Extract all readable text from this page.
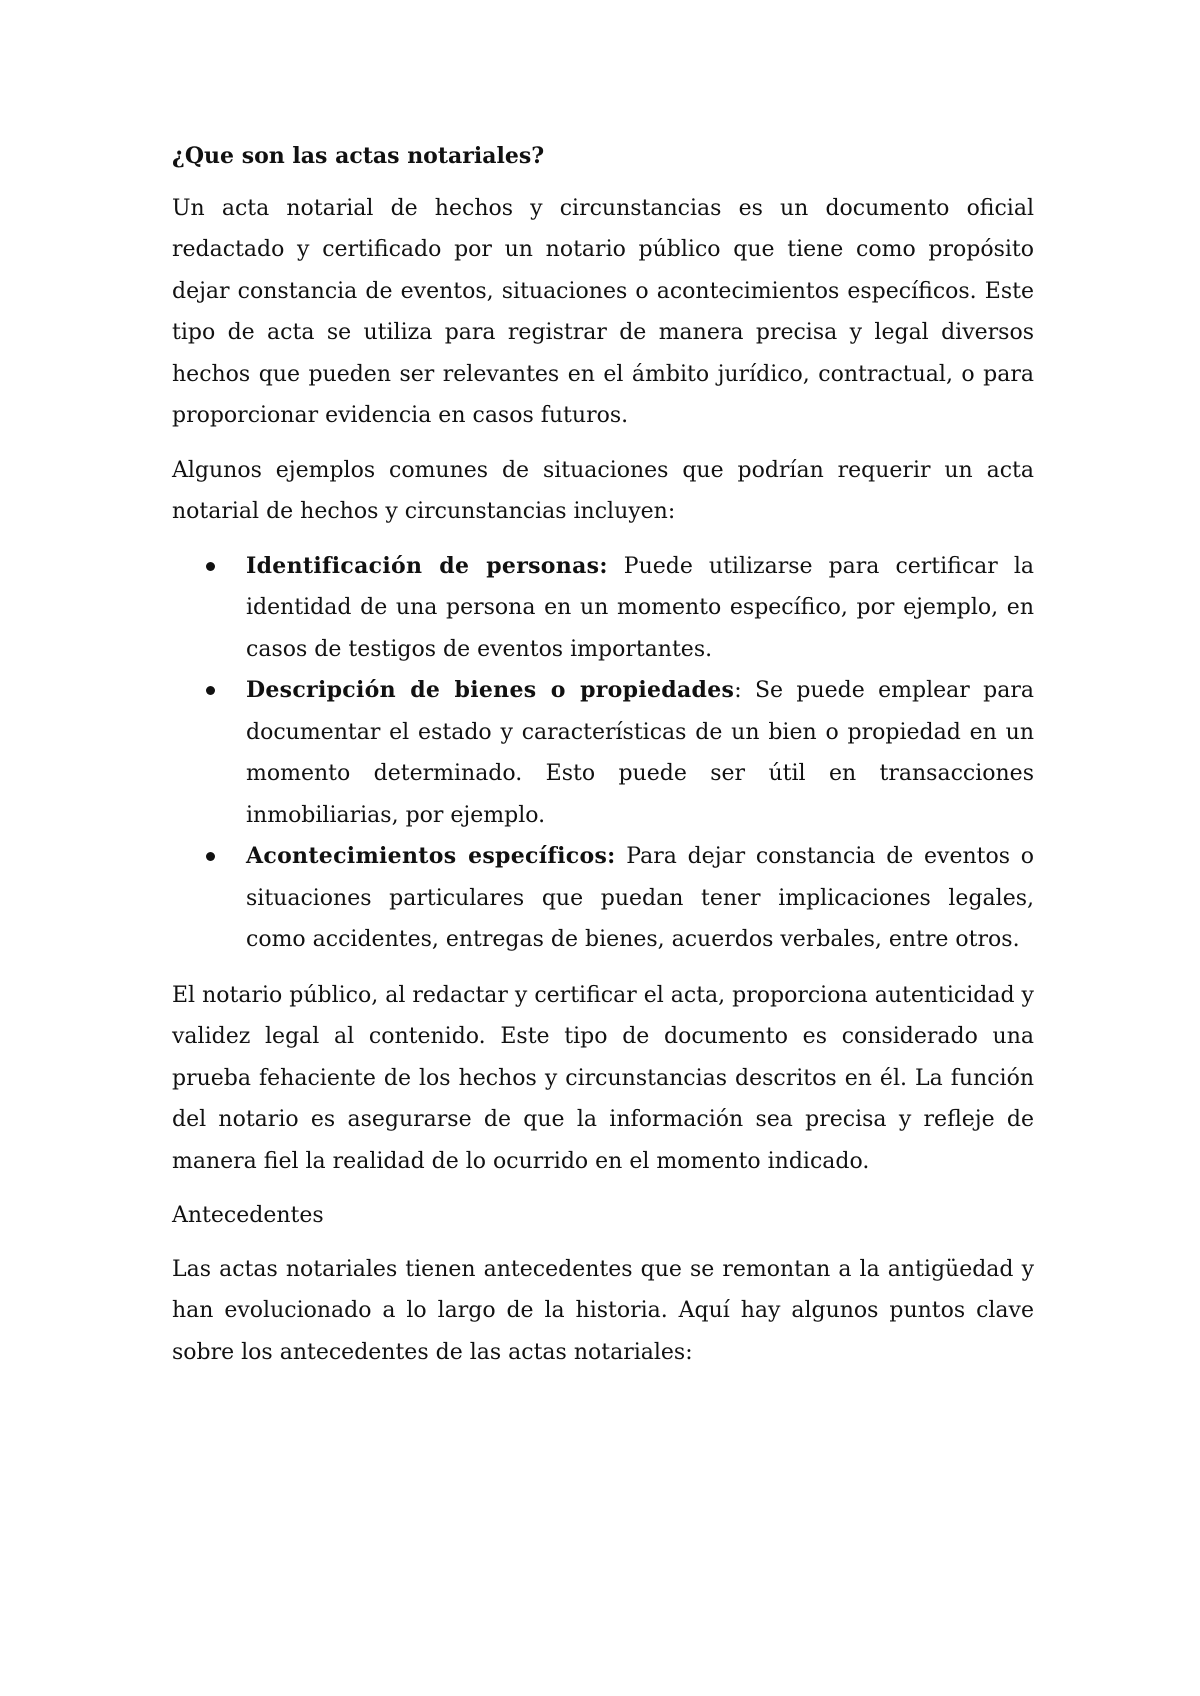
¿Que son las actas notariales?

Un acta notarial de hechos y circunstancias es un documento oficial redactado y certificado por un notario público que tiene como propósito dejar constancia de eventos, situaciones o acontecimientos específicos. Este tipo de acta se utiliza para registrar de manera precisa y legal diversos hechos que pueden ser relevantes en el ámbito jurídico, contractual, o para proporcionar evidencia en casos futuros.

Algunos ejemplos comunes de situaciones que podrían requerir un acta notarial de hechos y circunstancias incluyen:

Identificación de personas: Puede utilizarse para certificar la identidad de una persona en un momento específico, por ejemplo, en casos de testigos de eventos importantes.
Descripción de bienes o propiedades: Se puede emplear para documentar el estado y características de un bien o propiedad en un momento determinado. Esto puede ser útil en transacciones inmobiliarias, por ejemplo.
Acontecimientos específicos: Para dejar constancia de eventos o situaciones particulares que puedan tener implicaciones legales, como accidentes, entregas de bienes, acuerdos verbales, entre otros.

El notario público, al redactar y certificar el acta, proporciona autenticidad y validez legal al contenido. Este tipo de documento es considerado una prueba fehaciente de los hechos y circunstancias descritos en él. La función del notario es asegurarse de que la información sea precisa y refleje de manera fiel la realidad de lo ocurrido en el momento indicado.

Antecedentes

Las actas notariales tienen antecedentes que se remontan a la antigüedad y han evolucionado a lo largo de la historia. Aquí hay algunos puntos clave sobre los antecedentes de las actas notariales:
